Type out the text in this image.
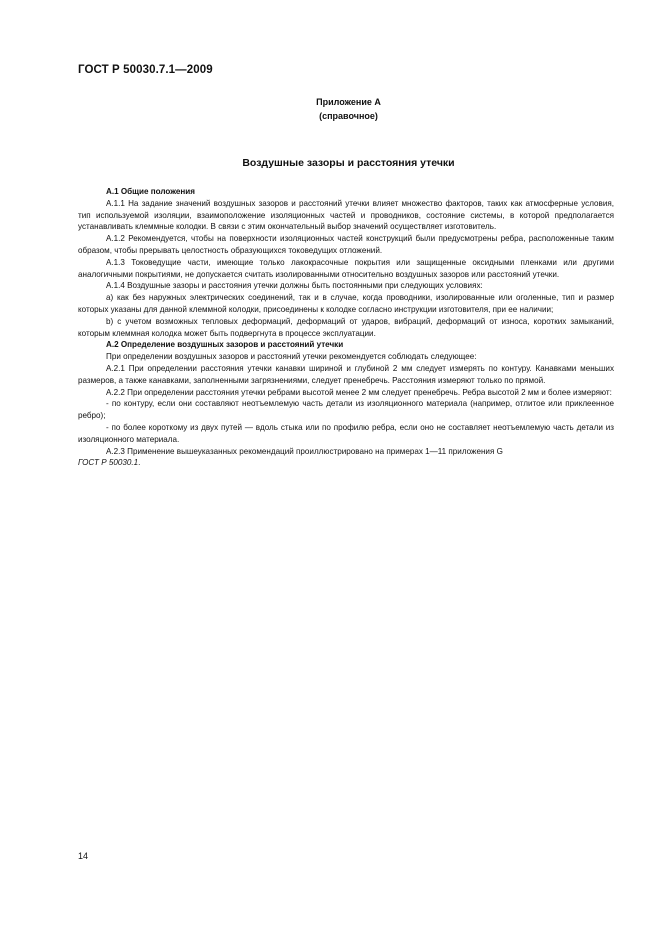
ГОСТ Р 50030.7.1—2009
Приложение А
(справочное)
Воздушные зазоры и расстояния утечки
А.1 Общие положения

А.1.1 На задание значений воздушных зазоров и расстояний утечки влияет множество факторов, таких как атмосферные условия, тип используемой изоляции, взаимоположение изоляционных частей и проводников, состояние системы, в которой предполагается устанавливать клеммные колодки. В связи с этим окончательный выбор значений осуществляет изготовитель.

А.1.2 Рекомендуется, чтобы на поверхности изоляционных частей конструкций были предусмотрены ребра, расположенные таким образом, чтобы прерывать целостность образующихся токоведущих отложений.

А.1.3 Токоведущие части, имеющие только лакокрасочные покрытия или защищенные оксидными пленками или другими аналогичными покрытиями, не допускается считать изолированными относительно воздушных зазоров или расстояний утечки.

А.1.4 Воздушные зазоры и расстояния утечки должны быть постоянными при следующих условиях:

а) как без наружных электрических соединений, так и в случае, когда проводники, изолированные или оголенные, тип и размер которых указаны для данной клеммной колодки, присоединены к колодке согласно инструкции изготовителя, при ее наличии;

b) с учетом возможных тепловых деформаций, деформаций от ударов, вибраций, деформаций от износа, коротких замыканий, которым клеммная колодка может быть подвергнута в процессе эксплуатации.

А.2 Определение воздушных зазоров и расстояний утечки

При определении воздушных зазоров и расстояний утечки рекомендуется соблюдать следующее:

А.2.1 При определении расстояния утечки канавки шириной и глубиной 2 мм следует измерять по контуру. Канавками меньших размеров, а также канавками, заполненными загрязнениями, следует пренебречь. Расстояния измеряют только по прямой.

А.2.2 При определении расстояния утечки ребрами высотой менее 2 мм следует пренебречь. Ребра высотой 2 мм и более измеряют:

- по контуру, если они составляют неотъемлемую часть детали из изоляционного материала (например, отлитое или приклеенное ребро);

- по более короткому из двух путей — вдоль стыка или по профилю ребра, если оно не составляет неотъемлемую часть детали из изоляционного материала.

А.2.3 Применение вышеуказанных рекомендаций проиллюстрировано на примерах 1—11 приложения G
ГОСТ Р 50030.1.

14
